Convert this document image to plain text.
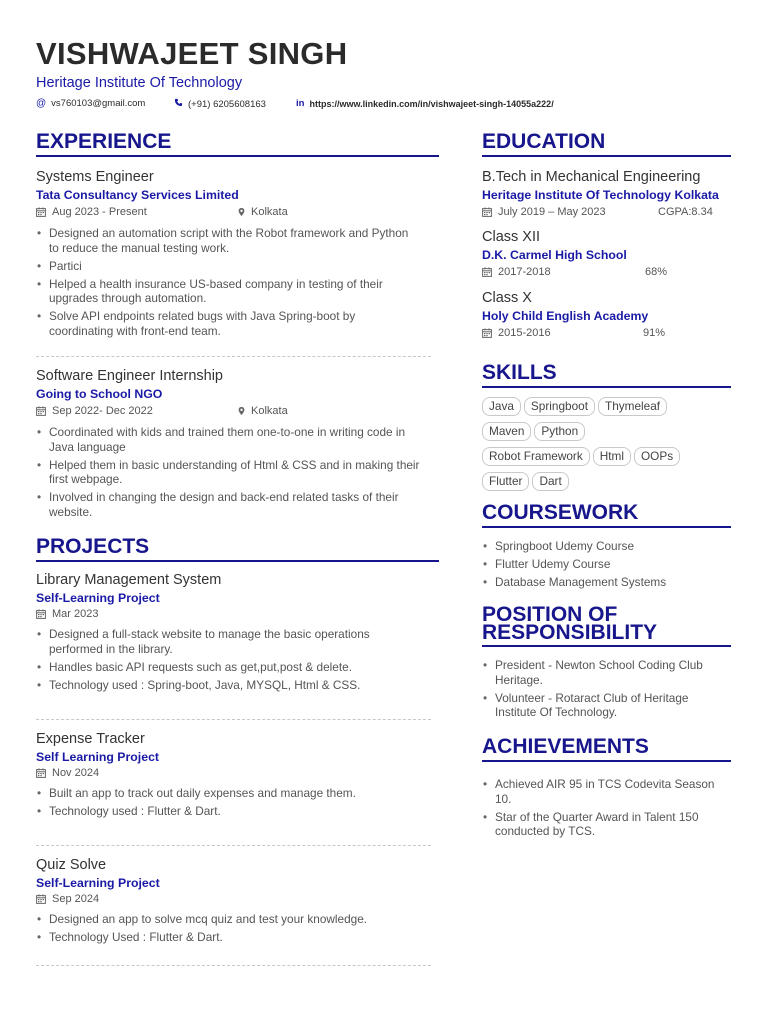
VISHWAJEET SINGH
Heritage Institute Of Technology
@ vs760103@gmail.com	(+91) 6205608163	in https://www.linkedin.com/in/vishwajeet-singh-14055a222/
EXPERIENCE
Systems Engineer
Tata Consultancy Services Limited
Aug 2023 - Present	Kolkata
• Designed an automation script with the Robot framework and Python to reduce the manual testing work.
• Partici
• Helped a health insurance US-based company in testing of their upgrades through automation.
• Solve API endpoints related bugs with Java Spring-boot by coordinating with front-end team.
Software Engineer Internship
Going to School NGO
Sep 2022- Dec 2022	Kolkata
• Coordinated with kids and trained them one-to-one in writing code in Java language
• Helped them in basic understanding of Html & CSS and in making their first webpage.
• Involved in changing the design and back-end related tasks of their website.
PROJECTS
Library Management System
Self-Learning Project
Mar 2023
• Designed a full-stack website to manage the basic operations performed in the library.
• Handles basic API requests such as get,put,post & delete.
• Technology used : Spring-boot, Java, MYSQL, Html & CSS.
Expense Tracker
Self Learning Project
Nov 2024
• Built an app to track out daily expenses and manage them.
• Technology used : Flutter & Dart.
Quiz Solve
Self-Learning Project
Sep 2024
• Designed an app to solve mcq quiz and test your knowledge.
• Technology Used : Flutter & Dart.
EDUCATION
B.Tech in Mechanical Engineering
Heritage Institute Of Technology Kolkata
July 2019 – May 2023	CGPA:8.34
Class XII
D.K. Carmel High School
2017-2018	68%
Class X
Holy Child English Academy
2015-2016	91%
SKILLS
Java Springboot Thymeleaf
Maven Python
Robot Framework Html OOPs
Flutter Dart
COURSEWORK
• Springboot Udemy Course
• Flutter Udemy Course
• Database Management Systems
POSITION OF
RESPONSIBILITY
• President - Newton School Coding Club Heritage.
• Volunteer - Rotaract Club of Heritage Institute Of Technology.
ACHIEVEMENTS
• Achieved AIR 95 in TCS Codevita Season 10.
• Star of the Quarter Award in Talent 150 conducted by TCS.
